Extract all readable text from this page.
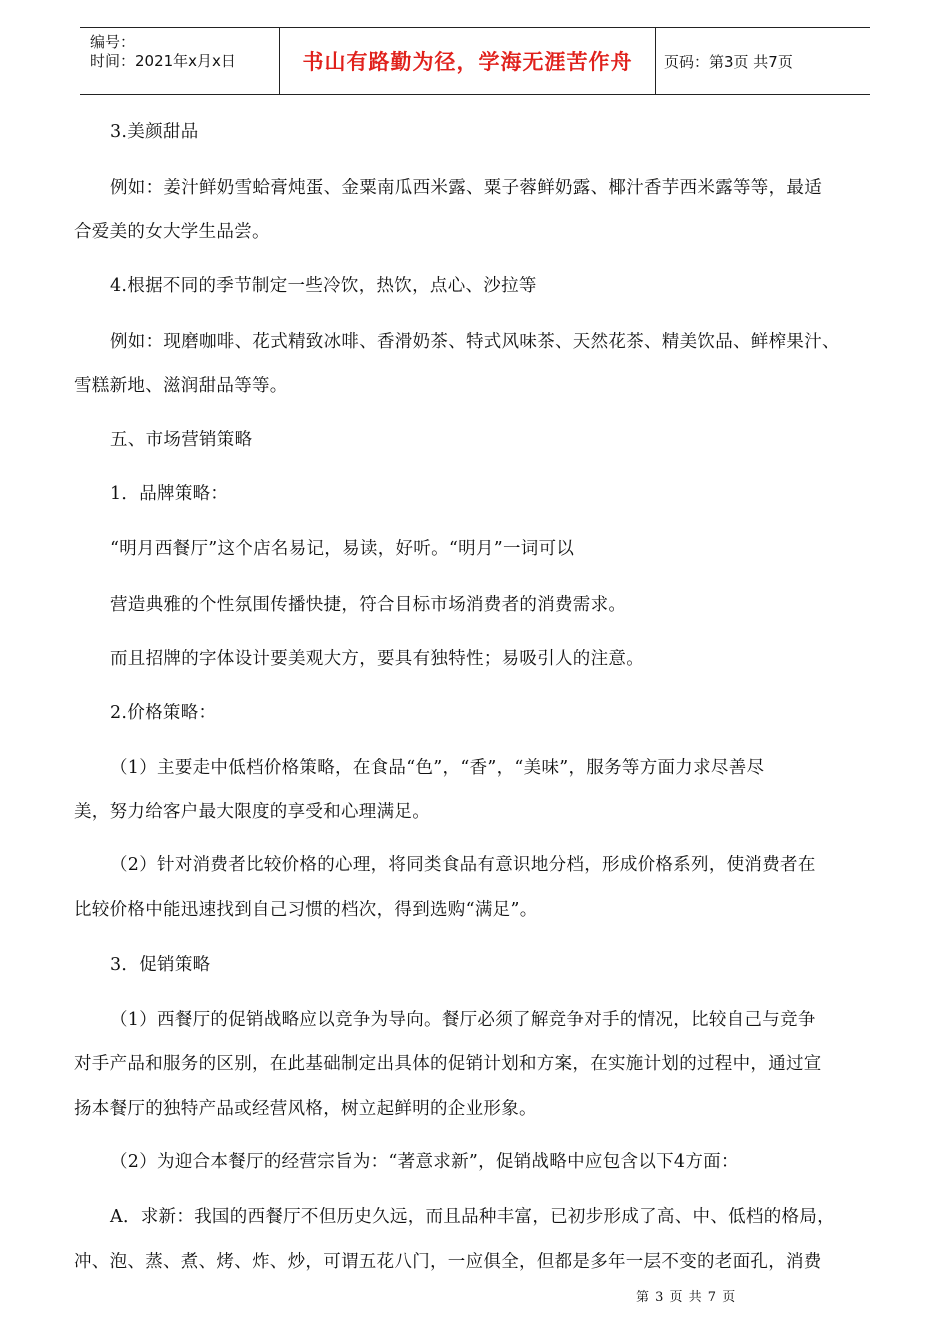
编号：
时间：2021年x月x日	书山有路勤为径，学海无涯苦作舟	页码：第3页 共7页
3.美颜甜品
例如：姜汁鲜奶雪蛤膏炖蛋、金粟南瓜西米露、粟子蓉鲜奶露、椰汁香芋西米露等等，最适
合爱美的女大学生品尝。
4.根据不同的季节制定一些冷饮，热饮，点心、沙拉等
例如：现磨咖啡、花式精致冰啡、香滑奶茶、特式风味茶、天然花茶、精美饮品、鲜榨果汁、
雪糕新地、滋润甜品等等。
五、市场营销策略
1．品牌策略：
“明月西餐厅”这个店名易记，易读，好听。“明月”一词可以
营造典雅的个性氛围传播快捷，符合目标市场消费者的消费需求。
而且招牌的字体设计要美观大方，要具有独特性；易吸引人的注意。
2.价格策略：
（1）主要走中低档价格策略，在食品“色”，“香”，“美味”，服务等方面力求尽善尽
美，努力给客户最大限度的享受和心理满足。
（2）针对消费者比较价格的心理，将同类食品有意识地分档，形成价格系列，使消费者在
比较价格中能迅速找到自己习惯的档次，得到选购“满足”。
3．促销策略
（1）西餐厅的促销战略应以竞争为导向。餐厅必须了解竞争对手的情况，比较自己与竞争
对手产品和服务的区别，在此基础制定出具体的促销计划和方案，在实施计划的过程中，通过宣
扬本餐厅的独特产品或经营风格，树立起鲜明的企业形象。
（2）为迎合本餐厅的经营宗旨为：“著意求新”，促销战略中应包含以下4方面：
A．求新：我国的西餐厅不但历史久远，而且品种丰富，已初步形成了高、中、低档的格局，
冲、泡、蒸、煮、烤、炸、炒，可谓五花八门，一应俱全，但都是多年一层不变的老面孔，消费
第 3 页 共 7 页
